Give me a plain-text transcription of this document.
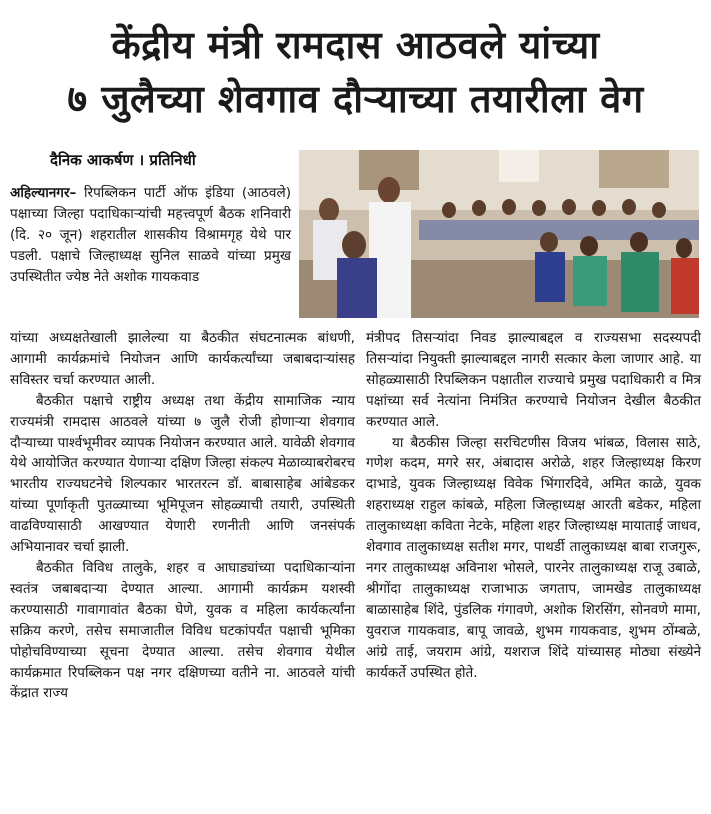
केंद्रीय मंत्री रामदास आठवले यांच्या
७ जुलैच्या शेवगाव दौऱ्याच्या तयारीला वेग
दैनिक आकर्षण । प्रतिनिधी

अहिल्यानगर– रिपब्लिकन पार्टी ऑफ इंडिया (आठवले) पक्षाच्या जिल्हा पदाधिकाऱ्यांची महत्त्वपूर्ण बैठक शनिवारी (दि. २० जून) शहरातील शासकीय विश्रामगृह येथे पार पडली. पक्षाचे जिल्हाध्यक्ष सुनिल साळवे यांच्या प्रमुख उपस्थितीत ज्येष्ठ नेते अशोक गायकवाड

यांच्या अध्यक्षतेखाली झालेल्या या बैठकीत संघटनात्मक बांधणी, आगामी कार्यक्रमांचे नियोजन आणि कार्यकर्त्यांच्या जबाबदाऱ्यांसह सविस्तर चर्चा करण्यात आली.

बैठकीत पक्षाचे राष्ट्रीय अध्यक्ष तथा केंद्रीय सामाजिक न्याय राज्यमंत्री रामदास आठवले यांच्या ७ जुलै रोजी होणाऱ्या शेवगाव दौऱ्याच्या पार्श्वभूमीवर व्यापक नियोजन करण्यात आले. यावेळी शेवगाव येथे आयोजित करण्यात येणाऱ्या दक्षिण जिल्हा संकल्प मेळाव्याबरोबरच भारतीय राज्यघटनेचे शिल्पकार भारतरत्न डॉ. बाबासाहेब आंबेडकर यांच्या पूर्णाकृती पुतळ्याच्या भूमिपूजन सोहळ्याची तयारी, उपस्थिती वाढविण्यासाठी आखण्यात येणारी रणनीती आणि जनसंपर्क अभियानावर चर्चा झाली.

बैठकीत विविध तालुके, शहर व आघाड्यांच्या पदाधिकाऱ्यांना स्वतंत्र जबाबदाऱ्या देण्यात आल्या. आगामी कार्यक्रम यशस्वी करण्यासाठी गावागावांत बैठका घेणे, युवक व महिला कार्यकर्त्यांना सक्रिय करणे, तसेच समाजातील विविध घटकांपर्यंत पक्षाची भूमिका पोहोचविण्याच्या सूचना देण्यात आल्या. तसेच शेवगाव येथील कार्यक्रमात रिपब्लिकन पक्ष नगर दक्षिणच्या वतीने ना. आठवले यांची केंद्रात राज्य

मंत्रीपद तिसऱ्यांदा निवड झाल्याबद्दल व राज्यसभा सदस्यपदी तिसऱ्यांदा नियुक्ती झाल्याबद्दल नागरी सत्कार केला जाणार आहे. या सोहळ्यासाठी रिपब्लिकन पक्षातील राज्याचे प्रमुख पदाधिकारी व मित्र पक्षांच्या सर्व नेत्यांना निमंत्रित करण्याचे नियोजन देखील बैठकीत करण्यात आले.

या बैठकीस जिल्हा सरचिटणीस विजय भांबळ, विलास साठे, गणेश कदम, मगरे सर, अंबादास अरोळे, शहर जिल्हाध्यक्ष किरण दाभाडे, युवक जिल्हाध्यक्ष विवेक भिंगारदिवे, अमित काळे, युवक शहराध्यक्ष राहुल कांबळे, महिला जिल्हाध्यक्ष आरती बडेकर, महिला तालुकाध्यक्षा कविता नेटके, महिला शहर जिल्हाध्यक्ष मायाताई जाधव, शेवगाव तालुकाध्यक्ष सतीश मगर, पाथर्डी तालुकाध्यक्ष बाबा राजगुरू, नगर तालुकाध्यक्ष अविनाश भोसले, पारनेर तालुकाध्यक्ष राजू उबाळे, श्रीगोंदा तालुकाध्यक्ष राजाभाऊ जगताप, जामखेड तालुकाध्यक्ष बाळासाहेब शिंदे, पुंडलिक गंगावणे, अशोक शिरसिंग, सोनवणे मामा, युवराज गायकवाड, बापू जावळे, शुभम गायकवाड, शुभम ठोंम्बळे, आंग्रे ताई, जयराम आंग्रे, यशराज शिंदे यांच्यासह मोठ्या संख्येने कार्यकर्ते उपस्थित होते.
